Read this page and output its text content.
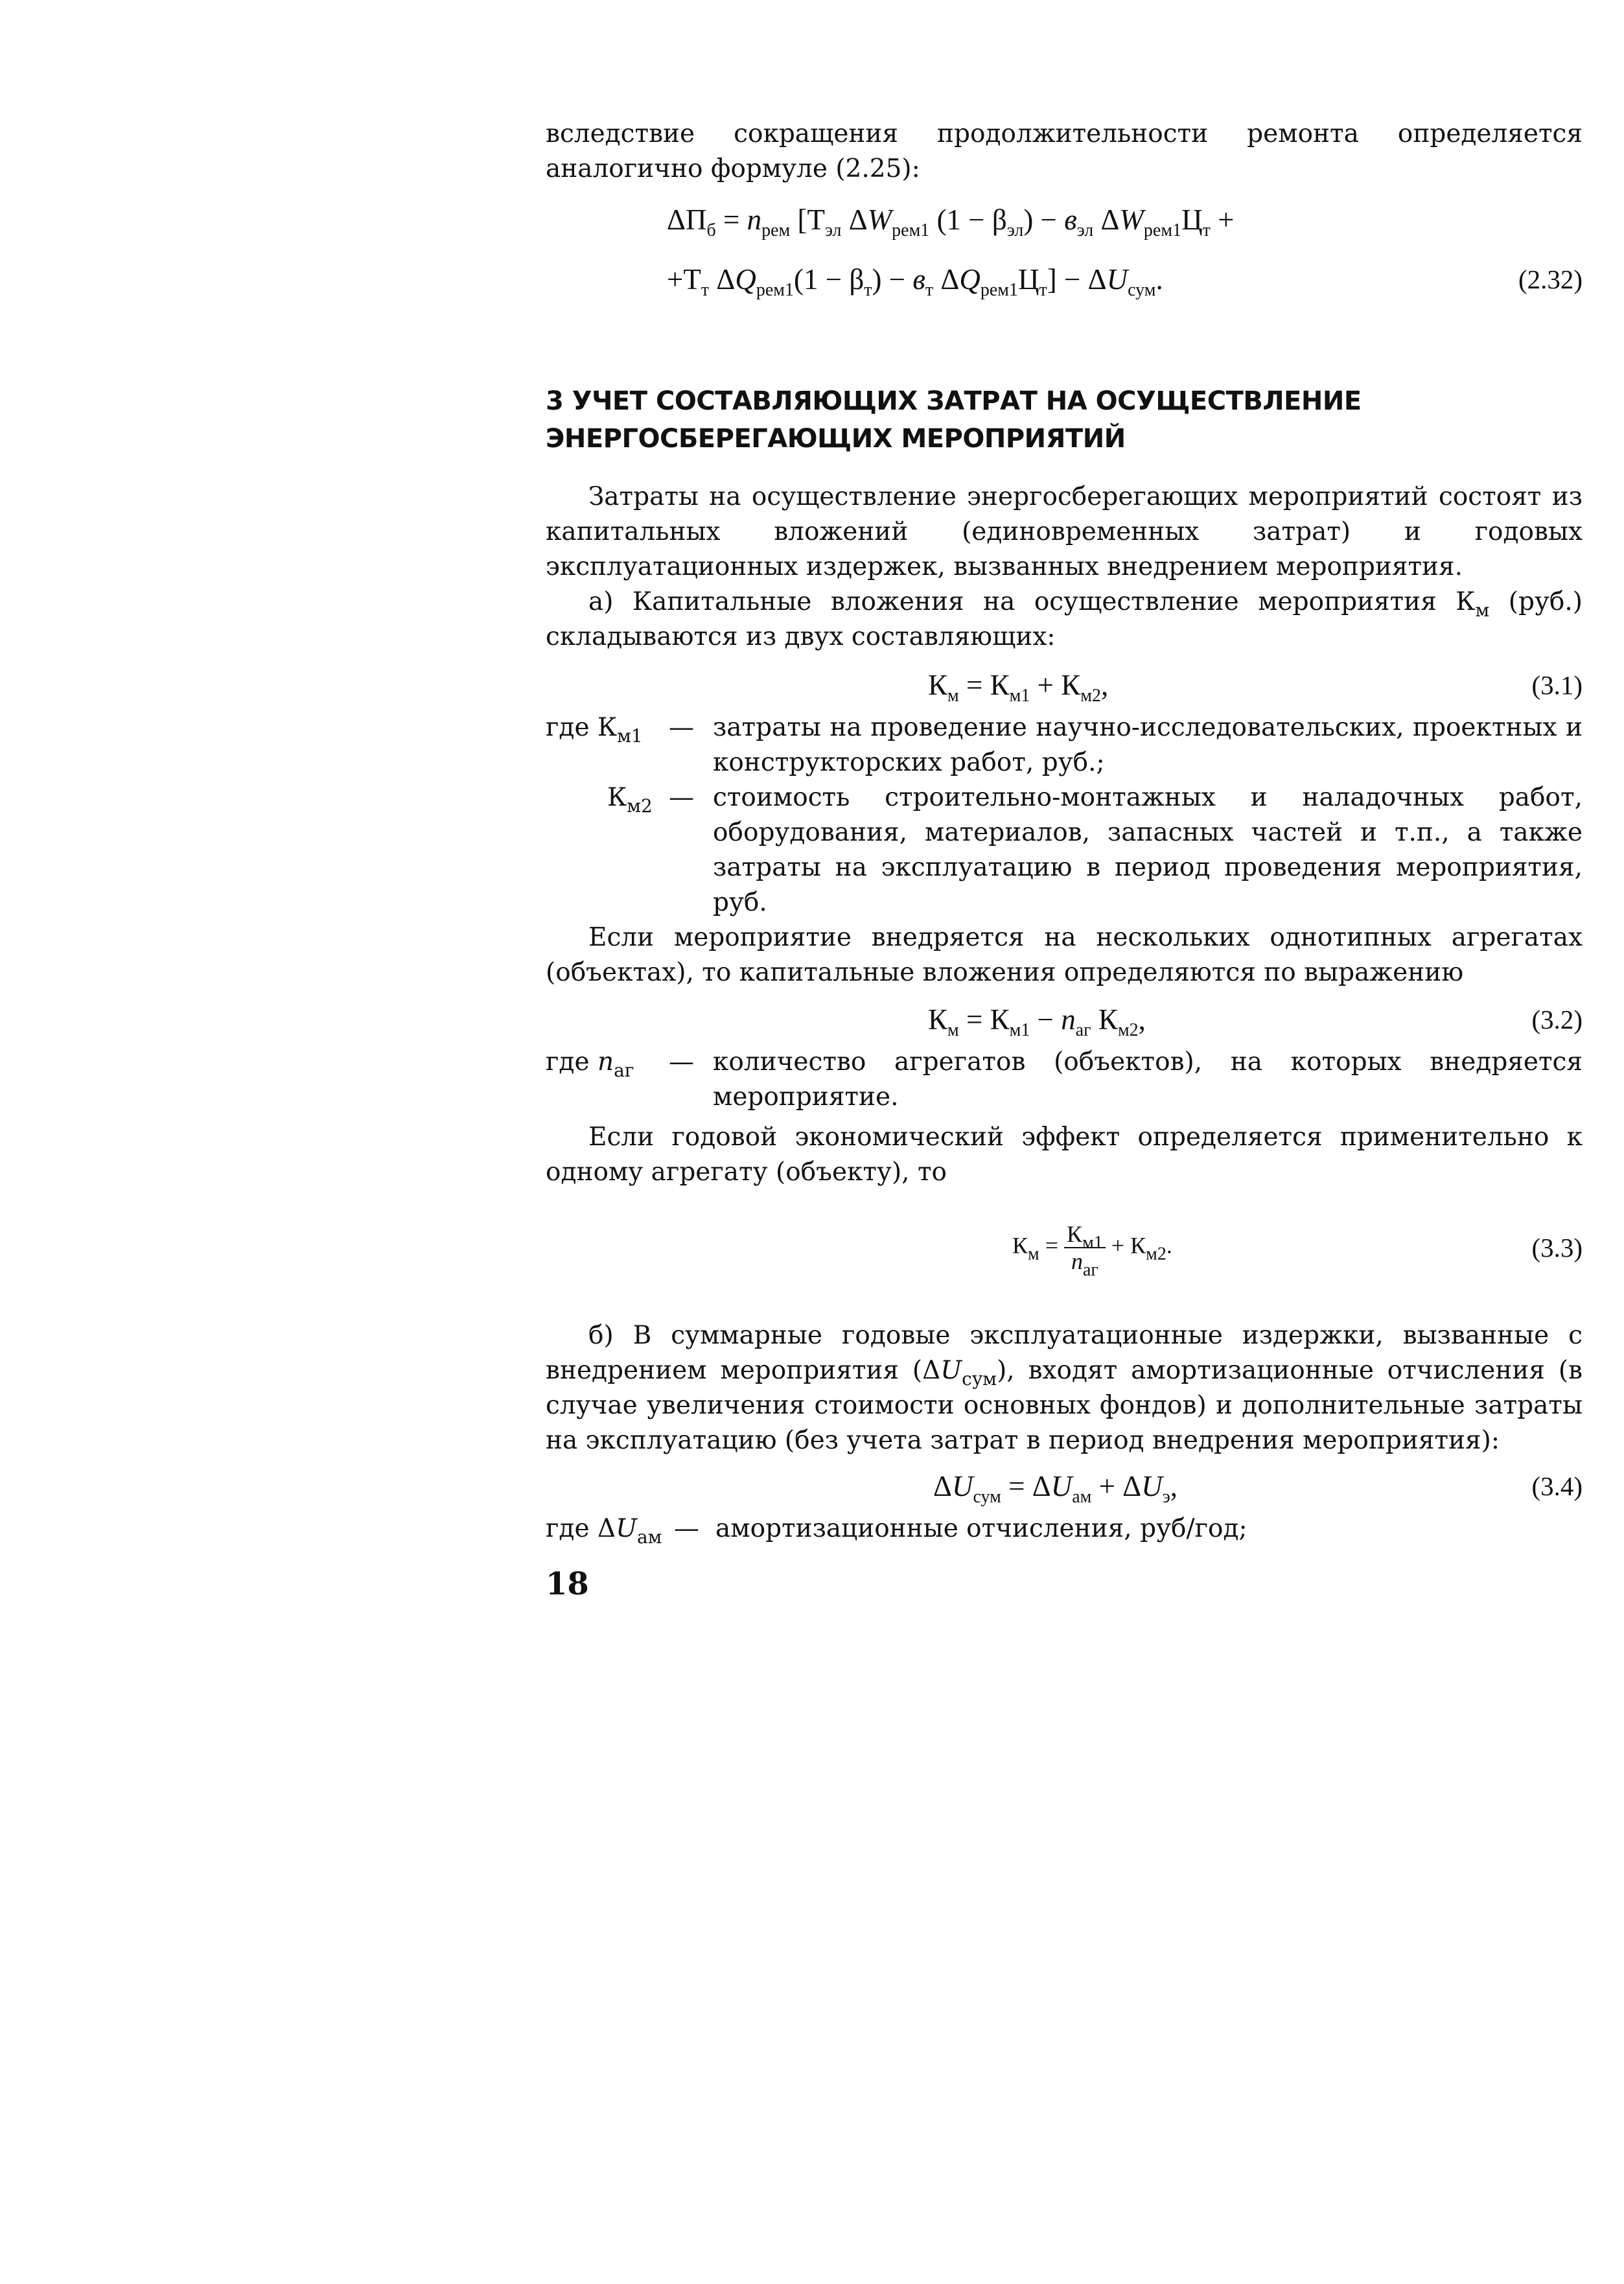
вследствие сокращения продолжительности ремонта определяется аналогично формуле (2.25):

$\Delta П_б = n_{рем}$ [$Т_{эл}$ $\Delta W_{рем1}$ $(1 - \beta_{эл}) - в_{эл}$ $\Delta W_{рем1}Ц_т$ +
$+Т_т$ $\Delta Q_{рем1}(1 - \beta_т) - в_т$ $\Delta Q_{рем1}Ц_т] - \Delta U_{сум}$.	(2.32)

3 УЧЕТ СОСТАВЛЯЮЩИХ ЗАТРАТ НА ОСУЩЕСТВЛЕНИЕ

ЭНЕРГОСБЕРЕГАЮЩИХ МЕРОПРИЯТИЙ

Затраты на осуществление энергосберегающих мероприятий состоят из капитальных вложений (единовременных затрат) и годовых эксплуатационных издержек, вызванных внедрением мероприятия.

а) Капитальные вложения на осуществление мероприятия $К_м$ (руб.) складываются из двух составляющих:

$К_м = К_{м1} + К_{м2}$,	(3.1)
где $К_{м1}$ — затраты на проведение научно-исследовательских, проектных и конструкторских работ, руб.;
$К_{м2}$ — стоимость строительно-монтажных и наладочных работ, оборудования, материалов, запасных частей и т.п., а также затраты на эксплуатацию в период проведения мероприятия, руб.

Если мероприятие внедряется на нескольких однотипных агрегатах (объектах), то капитальные вложения определяются по выражению

$К_м = К_{м1} - n_{аг}$ $К_{м2}$,	(3.2)
где $n_{аг}$ — количество агрегатов (объектов), на которых внедряется мероприятие.

Если годовой экономический эффект определяется применительно к одному агрегату (объекту), то

$К_м = \frac{К_{м1}}{n_{аг}} + К_{м2}$.	(3.3)

б) В суммарные годовые эксплуатационные издержки, вызванные с внедрением мероприятия $(\Delta U_{сум})$, входят амортизационные отчисления (в случае увеличения стоимости основных фондов) и дополнительные затраты на эксплуатацию (без учета затрат в период внедрения мероприятия):

$\Delta U_{сум} = \Delta U_{ам} + \Delta U_э$,	(3.4)
где $\Delta U_{ам}$ — амортизационные отчисления, руб/год;
18
